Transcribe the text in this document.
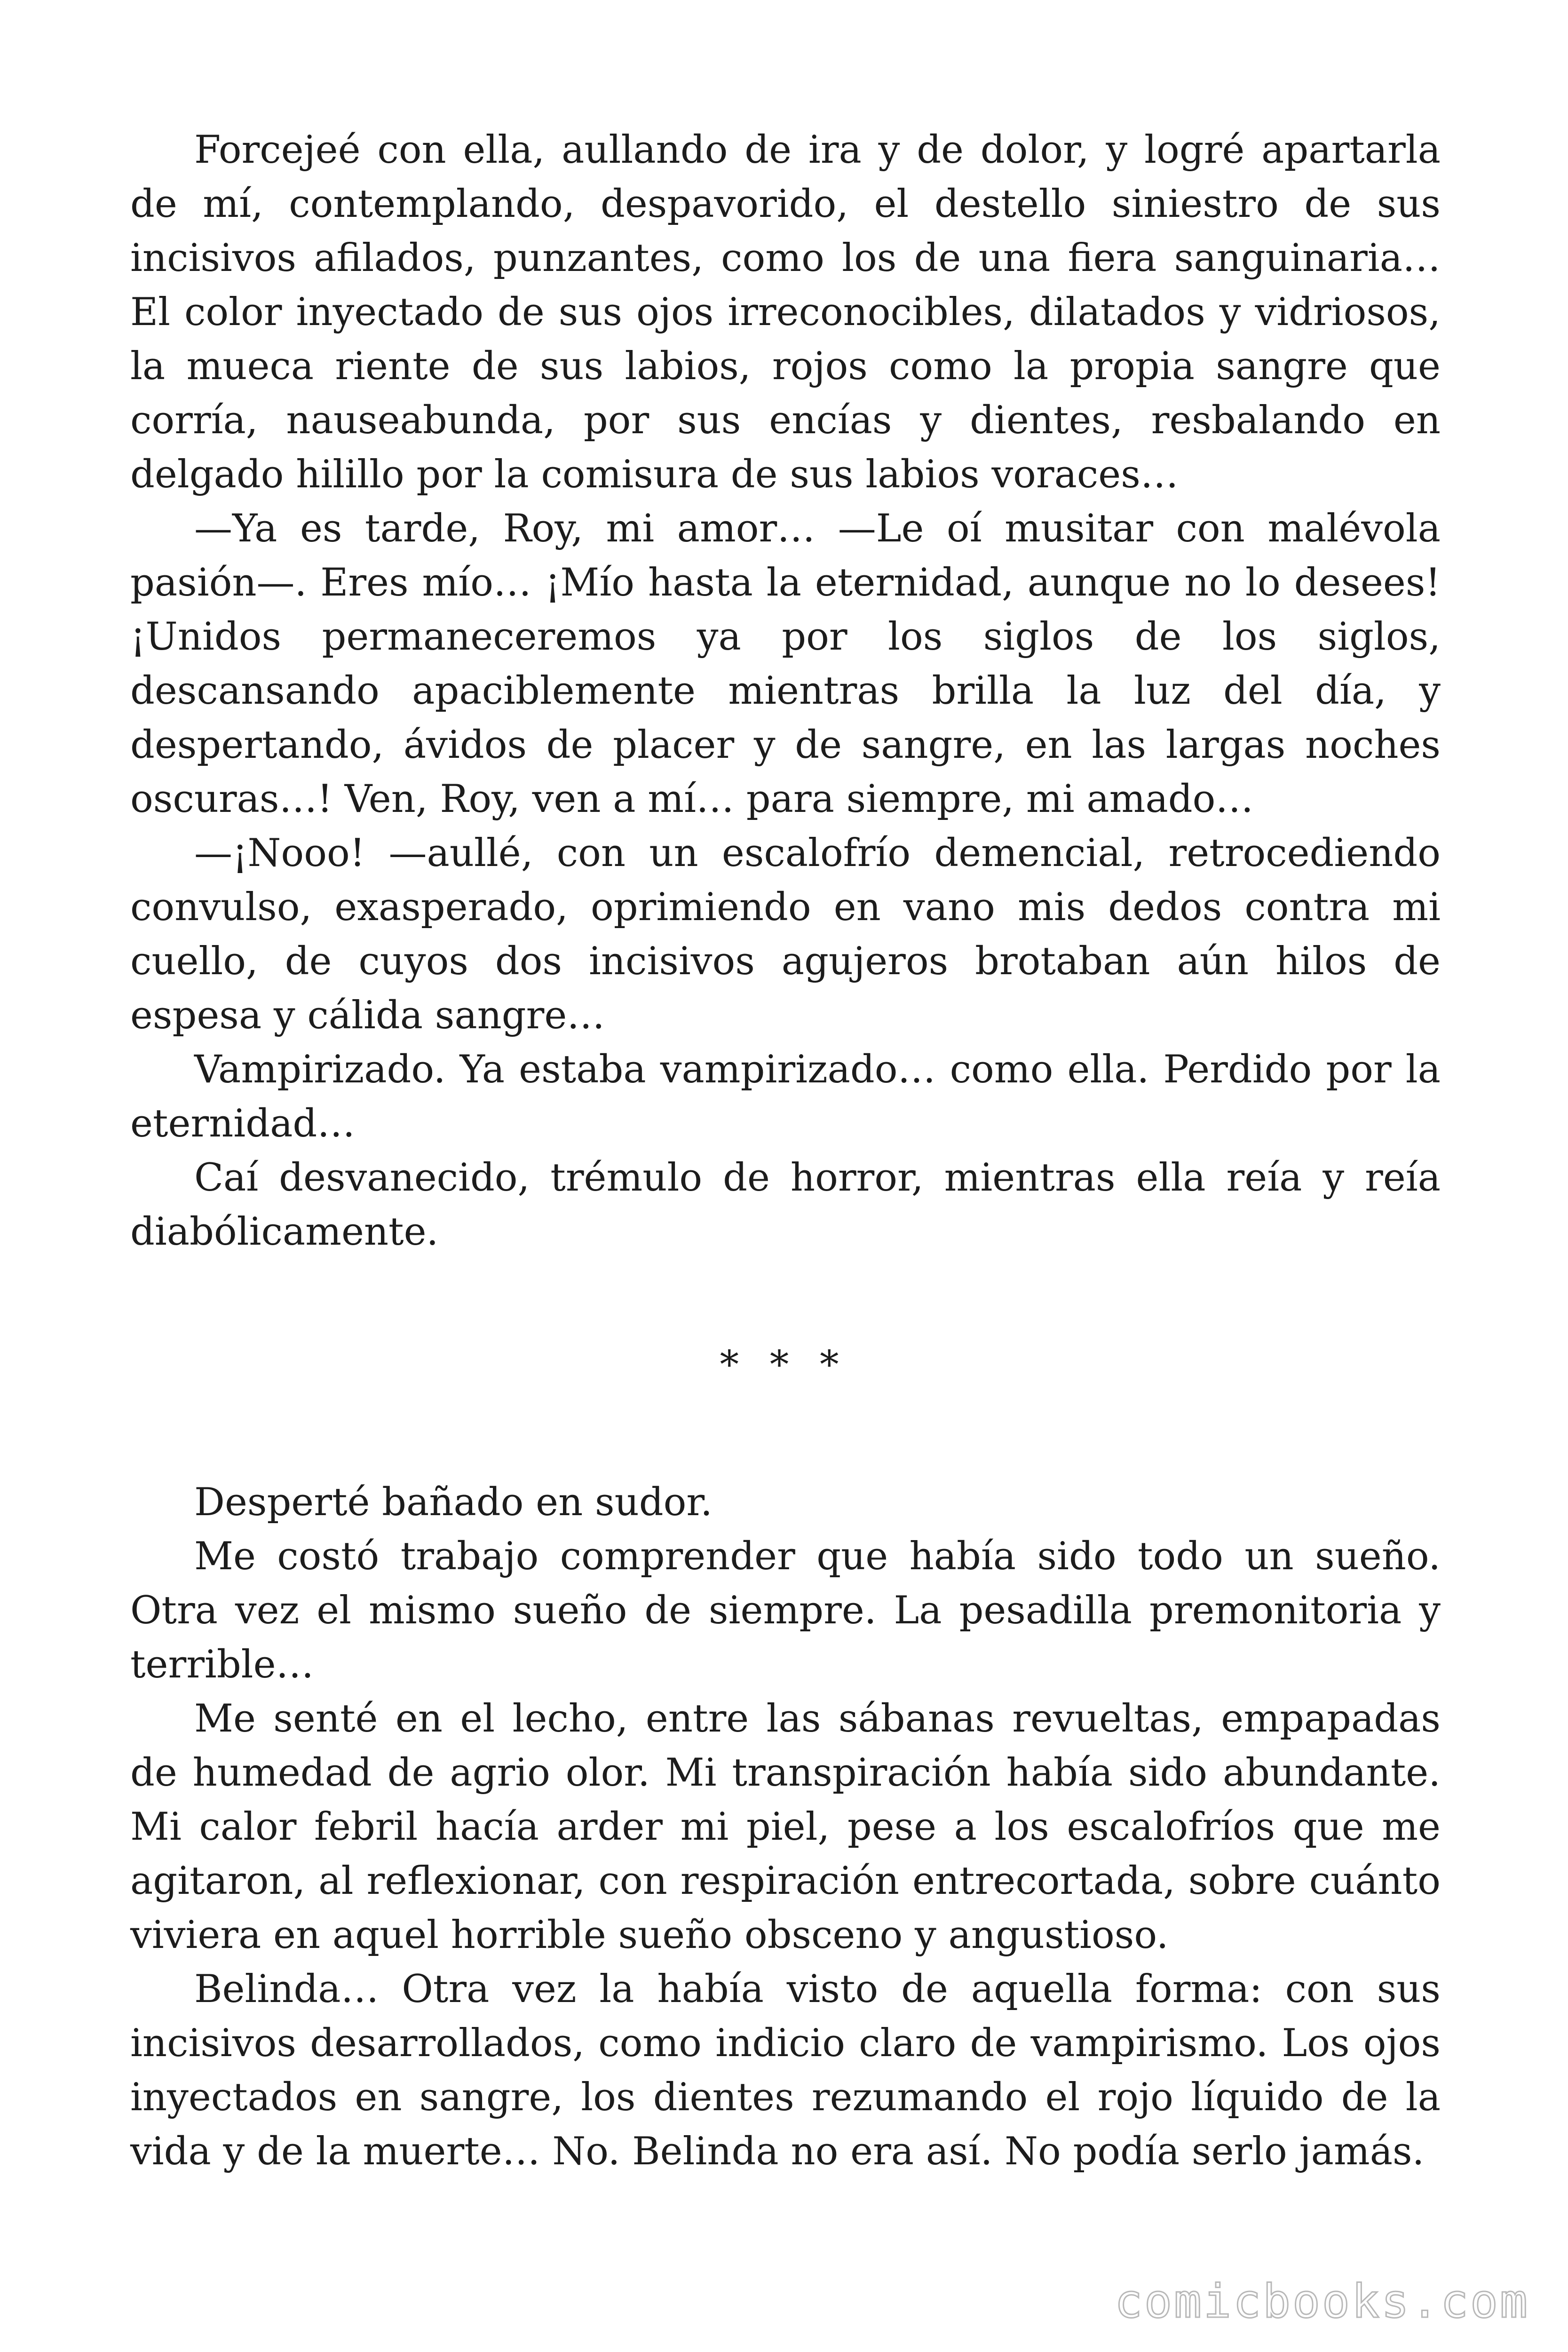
Forcejeé con ella, aullando de ira y de dolor, y logré apartarla de mí, contemplando, despavorido, el destello siniestro de sus incisivos afilados, punzantes, como los de una fiera sanguinaria… El color inyectado de sus ojos irreconocibles, dilatados y vidriosos, la mueca riente de sus labios, rojos como la propia sangre que corría, nauseabunda, por sus encías y dientes, resbalando en delgado hilillo por la comisura de sus labios voraces…

—Ya es tarde, Roy, mi amor… —Le oí musitar con malévola pasión—. Eres mío… ¡Mío hasta la eternidad, aunque no lo desees! ¡Unidos permaneceremos ya por los siglos de los siglos, descansando apaciblemente mientras brilla la luz del día, y despertando, ávidos de placer y de sangre, en las largas noches oscuras…! Ven, Roy, ven a mí… para siempre, mi amado…

—¡Nooo! —aullé, con un escalofrío demencial, retrocediendo convulso, exasperado, oprimiendo en vano mis dedos contra mi cuello, de cuyos dos incisivos agujeros brotaban aún hilos de espesa y cálida sangre…

Vampirizado. Ya estaba vampirizado… como ella. Perdido por la eternidad…

Caí desvanecido, trémulo de horror, mientras ella reía y reía diabólicamente.

* * *

Desperté bañado en sudor.

Me costó trabajo comprender que había sido todo un sueño. Otra vez el mismo sueño de siempre. La pesadilla premonitoria y terrible…

Me senté en el lecho, entre las sábanas revueltas, empapadas de humedad de agrio olor. Mi transpiración había sido abundante. Mi calor febril hacía arder mi piel, pese a los escalofríos que me agitaron, al reflexionar, con respiración entrecortada, sobre cuánto viviera en aquel horrible sueño obsceno y angustioso.

Belinda… Otra vez la había visto de aquella forma: con sus incisivos desarrollados, como indicio claro de vampirismo. Los ojos inyectados en sangre, los dientes rezumando el rojo líquido de la vida y de la muerte… No. Belinda no era así. No podía serlo jamás.

comicbooks.com
